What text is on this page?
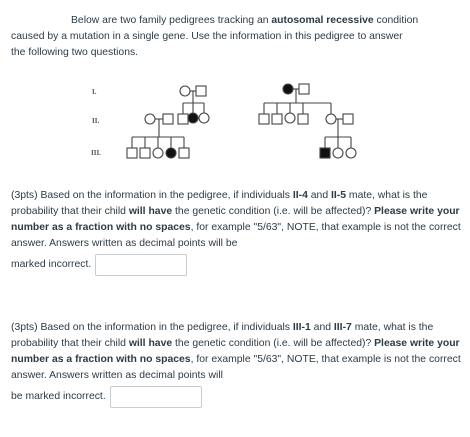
Below are two family pedigrees tracking an autosomal recessive condition
caused by a mutation in a single gene. Use the information in this pedigree to answer
the following two questions.
I.
II.
III.
(3pts) Based on the information in the pedigree, if individuals II-4 and II-5 mate, what is the probability that their child will have the genetic condition (i.e. will be affected)? Please write your number as a fraction with no spaces, for example "5/63", NOTE, that example is not the correct answer. Answers written as decimal points will be
marked incorrect.
(3pts) Based on the information in the pedigree, if individuals III-1 and III-7 mate, what is the probability that their child will have the genetic condition (i.e. will be affected)? Please write your number as a fraction with no spaces, for example "5/63", NOTE, that example is not the correct answer. Answers written as decimal points will
be marked incorrect.
